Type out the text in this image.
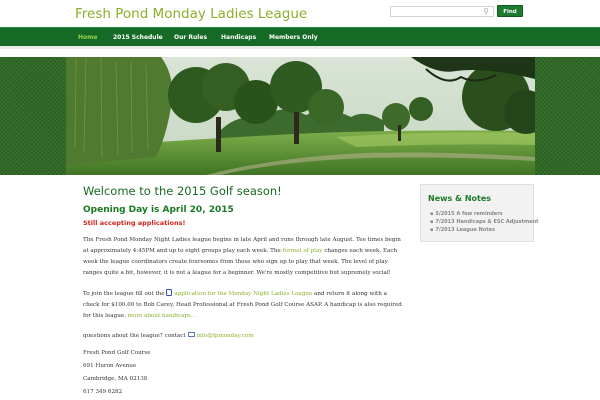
Fresh Pond Monday Ladies League	⚲	Find
Home	2015 Schedule Our Rules Handicaps Members Only
Welcome to the 2015 Golf season!
Opening Day is April 20, 2015
Still accepting applications!
The Fresh Pond Monday Night Ladies league begins in late April and runs through late August. Tee times begin at approximately 4:45PM and up to eight groups play each week. The format of play changes each week. Each week the league coordinators create foursomes from those who sign up to play that week. The level of play ranges quite a bit, however, it is not a league for a beginner. We're mostly competitive but supremely social!
To join the league fill out the application for the Monday Night Ladies League and return it along with a check for $100.00 to Bob Carey, Head Professional at Fresh Pond Golf Course ASAP. A handicap is also required for this league. more about handicaps...
questions about the league? contact info@fpmonday.com
Fresh Pond Golf Course
691 Huron Avenue
Cambridge, MA 02138
617 349 6282
News & Notes
▪ 5/2015 A few reminders
▪ 7/2013 Handicaps & ESC Adjustment
▪ 7/2013 League Notes
